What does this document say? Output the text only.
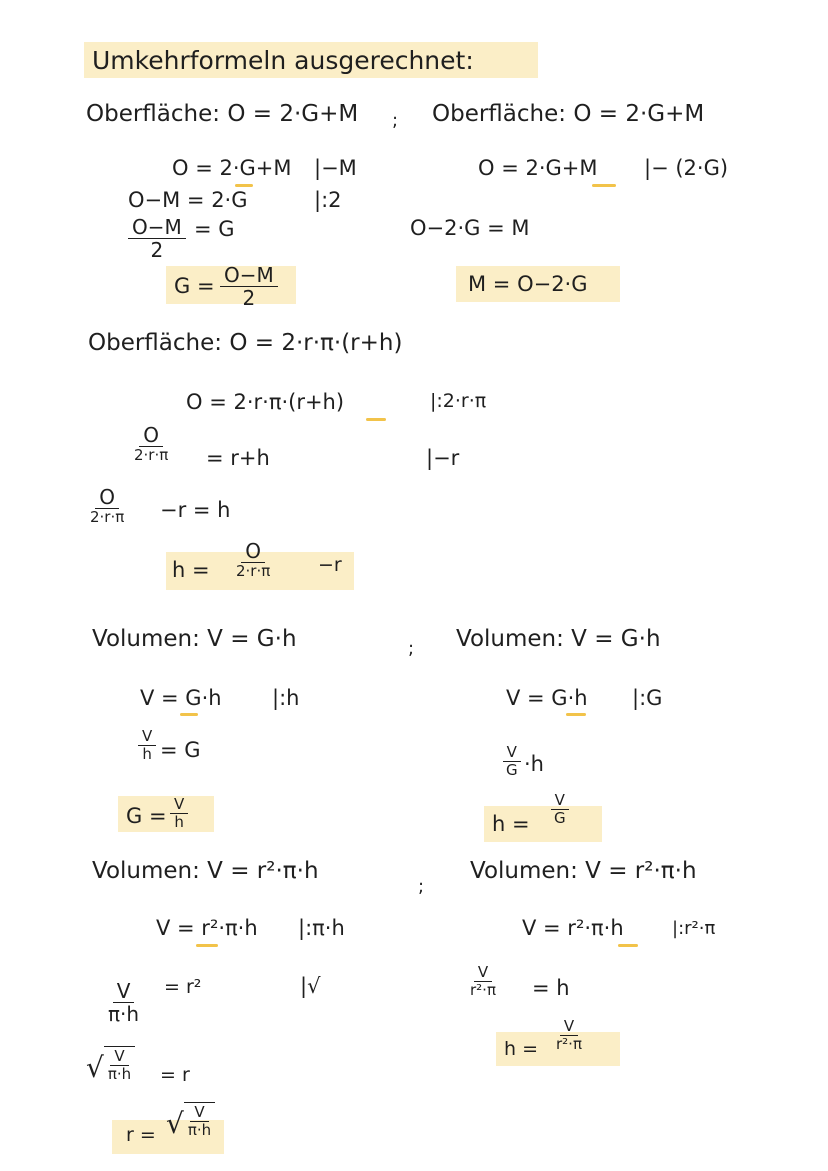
Umkehrformeln ausgerechnet:
Oberfläche: O = 2·G+M
O = 2·G+M |−M
O−M = 2·G	|:2
$\frac{O-M}{2} = G$
$G = \frac{O-M}{2}$
; Oberfläche: O = 2·G+M
O = 2·G+M |− (2·G)
O−2·G = M
M = O−2·G
Oberfläche: O = 2·r·π·(r+h)
O = 2·r·π·(r+h)	|:2·r·π
O
2·r·π = r+h	|−r
O
2·r·π −r = h
h =
O
2·r·π	−r
Volumen: V = G·h
V = G·h |:h
$\frac{V}{h} = G$
$G = \frac{V}{h}$
; Volumen: V = G·h
V = G·h |:G
$\frac{V}{G} \cdot h$
$h = \frac{V}{G}$
Volumen: V = r²·π·h
V = r²·π·h |:π·h
$\frac{V}{\pi\cdot h} = r^2$	|√
√ V
π·h = r
r = √ V
π·h
;
Volumen: V = r²·π·h
V = r²·π·h	|:r²·π
$\frac{V}{\text{r²·π}} = h$
$h = \frac{V}{\text{r²·π}}$
